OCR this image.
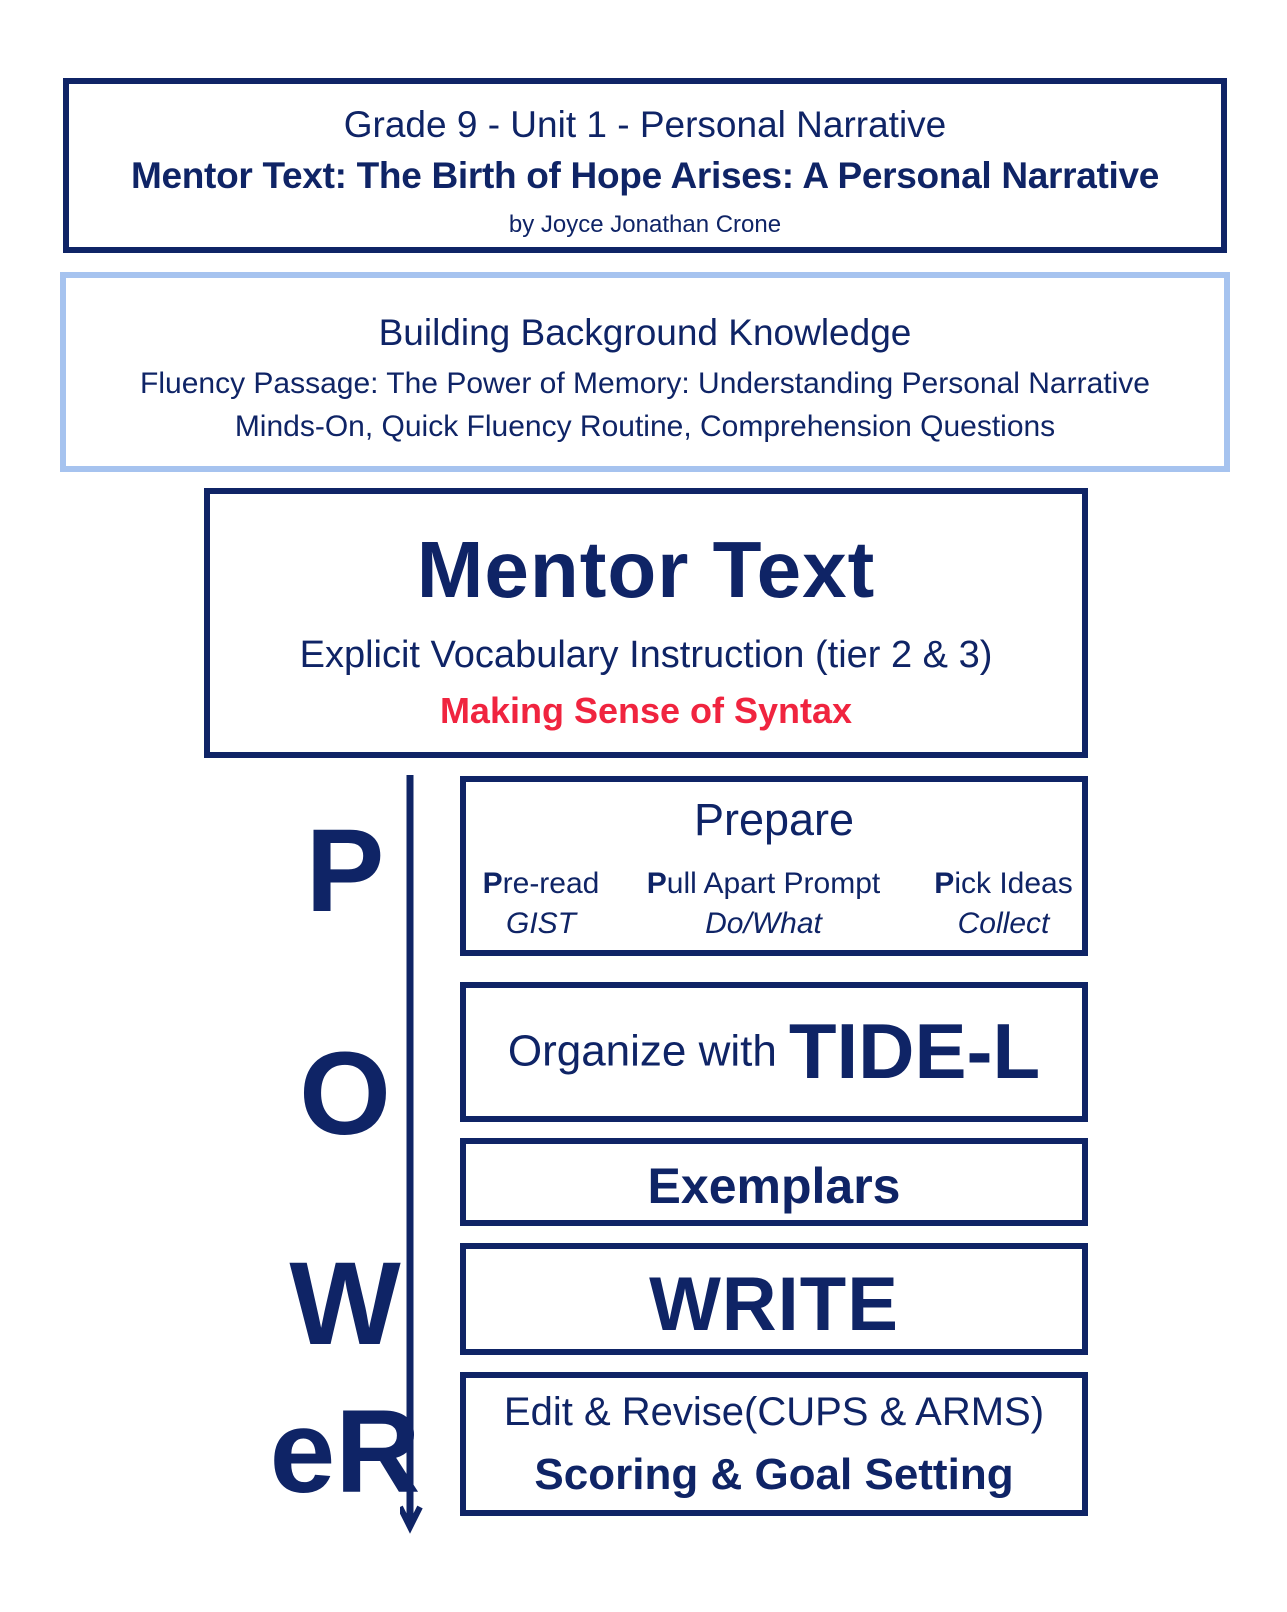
Grade 9 - Unit 1 - Personal Narrative
Mentor Text: The Birth of Hope Arises: A Personal Narrative
by Joyce Jonathan Crone
Building Background Knowledge
Fluency Passage: The Power of Memory: Understanding Personal Narrative
Minds-On, Quick Fluency Routine, Comprehension Questions
Mentor Text
Explicit Vocabulary Instruction (tier 2 & 3)
Making Sense of Syntax
P
O
W
eR
Prepare
Pre-read
GIST
Pull Apart Prompt
Do/What
Pick Ideas
Collect
Organize with TIDE-L
Exemplars
WRITE
Edit & Revise(CUPS & ARMS)
Scoring & Goal Setting
